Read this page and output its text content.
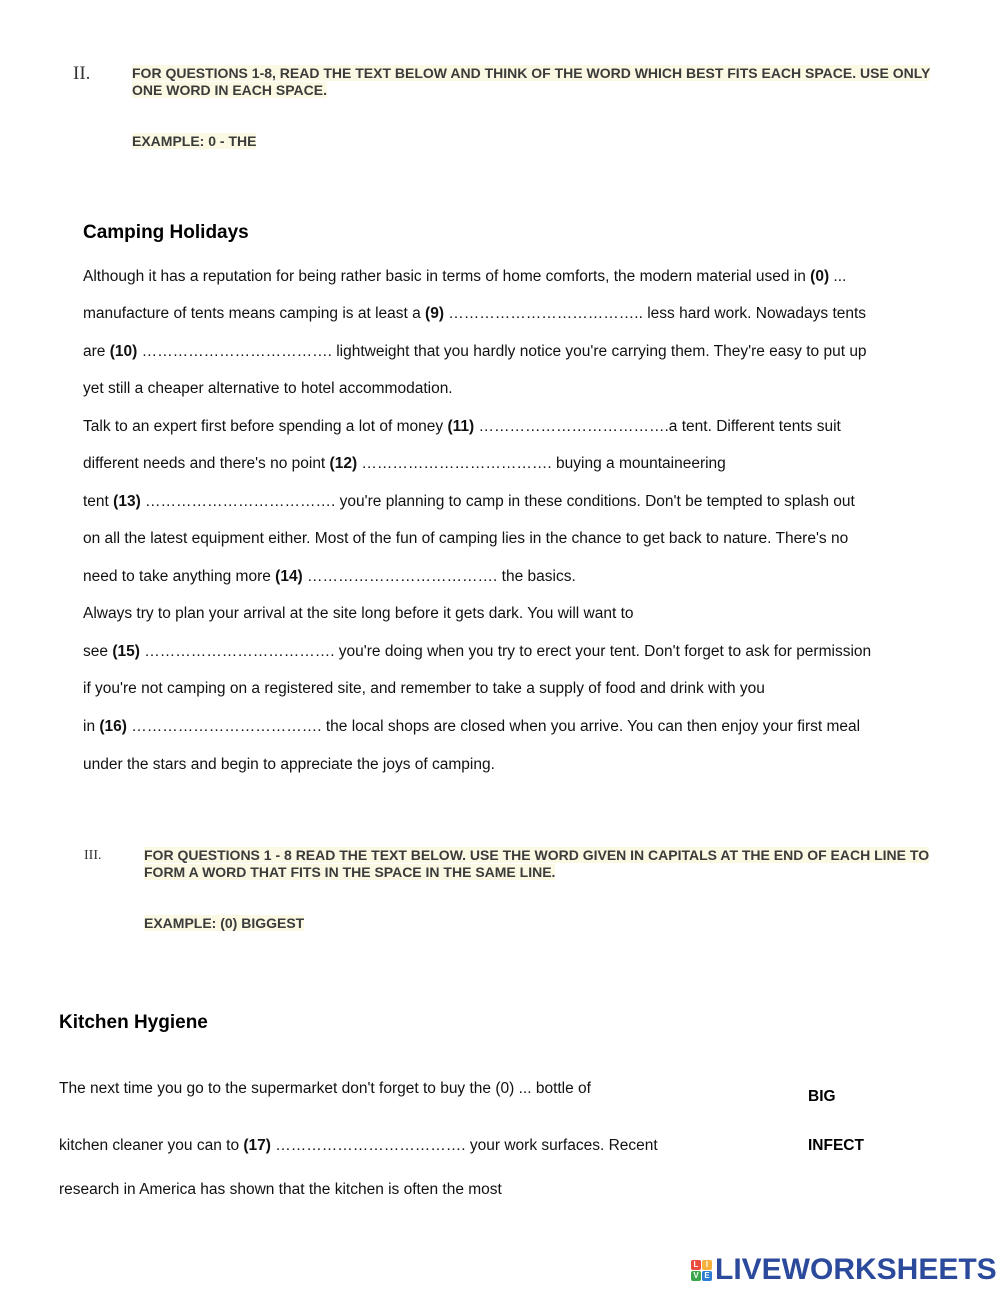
II.	FOR QUESTIONS 1-8, READ THE TEXT BELOW AND THINK OF THE WORD WHICH BEST FITS EACH SPACE. USE ONLY ONE WORD IN EACH SPACE.
EXAMPLE: 0 - THE
Camping Holidays
Although it has a reputation for being rather basic in terms of home comforts, the modern material used in (0) ...
manufacture of tents means camping is at least a (9) ……………………………….. less hard work. Nowadays tents
are (10) ………………………………. lightweight that you hardly notice you're carrying them. They're easy to put up
yet still a cheaper alternative to hotel accommodation.
Talk to an expert first before spending a lot of money (11) ……………………………….a tent. Different tents suit
different needs and there's no point (12) ………………………………. buying a mountaineering
tent (13) ………………………………. you're planning to camp in these conditions. Don't be tempted to splash out
on all the latest equipment either. Most of the fun of camping lies in the chance to get back to nature. There's no
need to take anything more (14) ………………………………. the basics.
Always try to plan your arrival at the site long before it gets dark. You will want to
see (15) ………………………………. you're doing when you try to erect your tent. Don't forget to ask for permission
if you're not camping on a registered site, and remember to take a supply of food and drink with you
in (16) ………………………………. the local shops are closed when you arrive. You can then enjoy your first meal
under the stars and begin to appreciate the joys of camping.
III.	FOR QUESTIONS 1 - 8 READ THE TEXT BELOW. USE THE WORD GIVEN IN CAPITALS AT THE END OF EACH LINE TO FORM A WORD THAT FITS IN THE SPACE IN THE SAME LINE.
EXAMPLE: (0) BIGGEST
Kitchen Hygiene
The next time you go to the supermarket don't forget to buy the (0) ... bottle of	BIG
kitchen cleaner you can to (17) ………………………………. your work surfaces. Recent	INFECT
research in America has shown that the kitchen is often the most
L I
V E LIVEWORKSHEETS
